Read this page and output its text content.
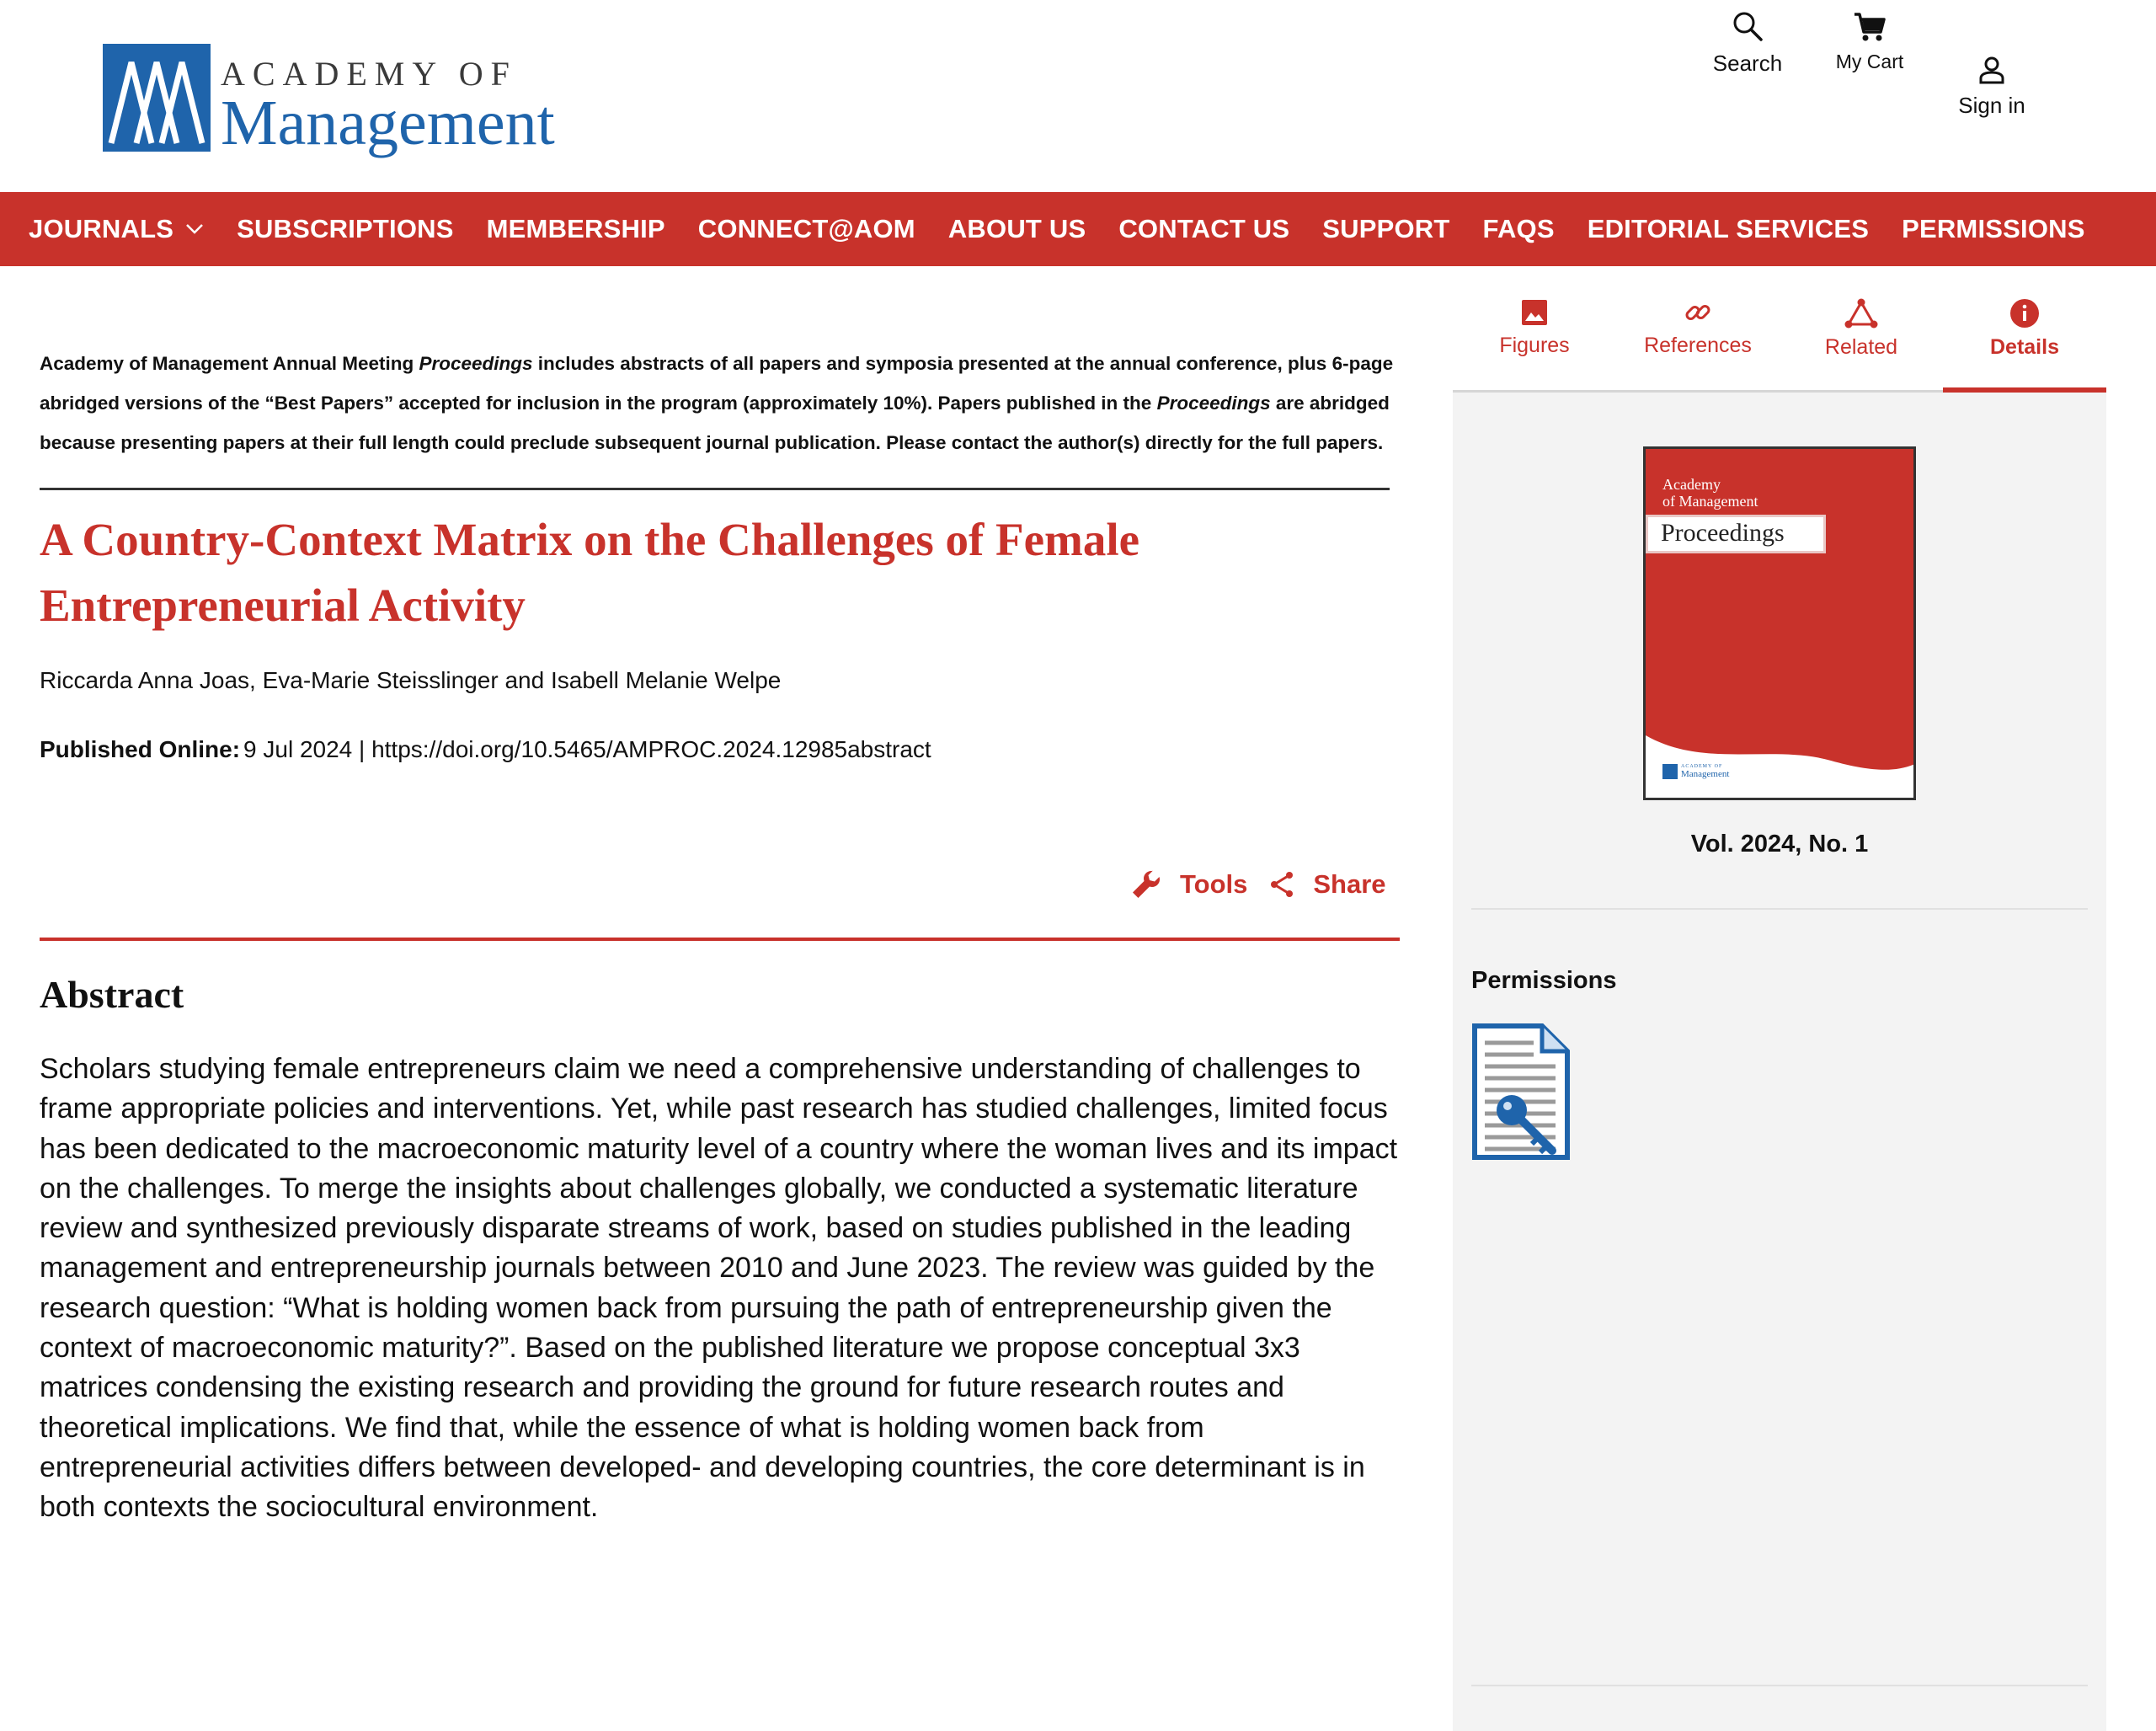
ACADEMY OF
Management
Search	My Cart
Sign in
JOURNALS SUBSCRIPTIONS MEMBERSHIP CONNECT@AOM ABOUT US CONTACT US SUPPORT FAQS EDITORIAL SERVICES PERMISSIONS

Academy of Management Annual Meeting Proceedings includes abstracts of all papers and symposia presented at the annual conference, plus 6-page abridged versions of the “Best Papers” accepted for inclusion in the program (approximately 10%). Papers published in the Proceedings are abridged because presenting papers at their full length could preclude subsequent journal publication. Please contact the author(s) directly for the full papers.

A Country-Context Matrix on the Challenges of Female Entrepreneurial Activity
Riccarda Anna Joas, Eva-Marie Steisslinger and Isabell Melanie Welpe
Published Online: 9 Jul 2024 | https://doi.org/10.5465/AMPROC.2024.12985abstract
Tools	Share
Abstract

Scholars studying female entrepreneurs claim we need a comprehensive understanding of challenges to frame appropriate policies and interventions. Yet, while past research has studied challenges, limited focus has been dedicated to the macroeconomic maturity level of a country where the woman lives and its impact on the challenges. To merge the insights about challenges globally, we conducted a systematic literature review and synthesized previously disparate streams of work, based on studies published in the leading management and entrepreneurship journals between 2010 and June 2023. The review was guided by the research question: “What is holding women back from pursuing the path of entrepreneurship given the context of macroeconomic maturity?”. Based on the published literature we propose conceptual 3x3 matrices condensing the existing research and providing the ground for future research routes and theoretical implications. We find that, while the essence of what is holding women back from entrepreneurial activities differs between developed- and developing countries, the core determinant is in both contexts the sociocultural environment.

Figures	References	Related	Details
Academy
of Management
Proceedings
ACADEMY OF
Management
Vol. 2024, No. 1
Permissions
